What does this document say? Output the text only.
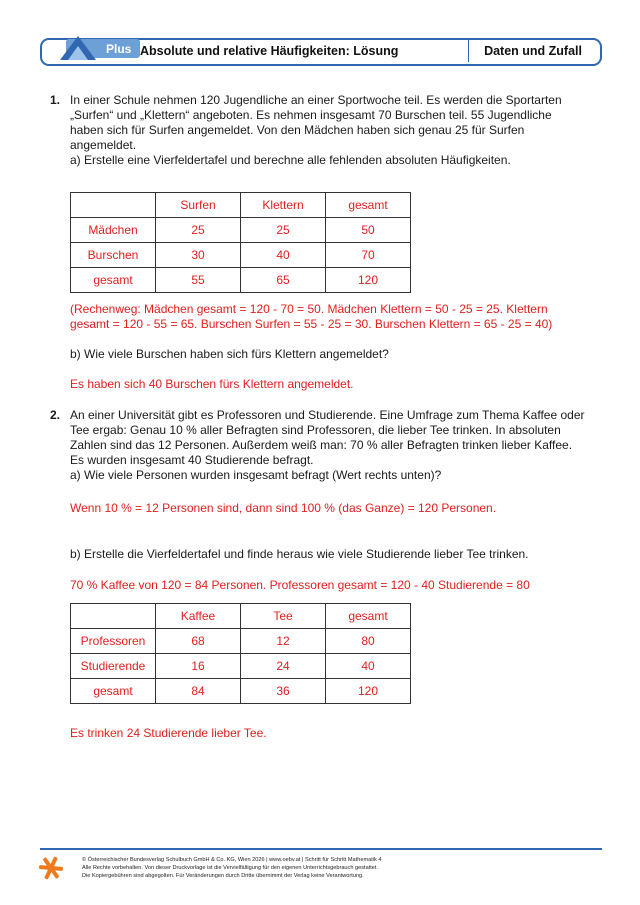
Plus Absolute und relative Häufigkeiten: Lösung	Daten und Zufall
1. In einer Schule nehmen 120 Jugendliche an einer Sportwoche teil. Es werden die Sportarten
„Surfen“ und „Klettern“ angeboten. Es nehmen insgesamt 70 Burschen teil. 55 Jugendliche
haben sich für Surfen angemeldet. Von den Mädchen haben sich genau 25 für Surfen
angemeldet.
a) Erstelle eine Vierfeldertafel und berechne alle fehlenden absoluten Häufigkeiten.
	Surfen	Klettern	gesamt
Mädchen	25	25	50
Burschen	30	40	70
gesamt	55	65	120
(Rechenweg: Mädchen gesamt = 120 - 70 = 50. Mädchen Klettern = 50 - 25 = 25. Klettern
gesamt = 120 - 55 = 65. Burschen Surfen = 55 - 25 = 30. Burschen Klettern = 65 - 25 = 40)
b) Wie viele Burschen haben sich fürs Klettern angemeldet?
Es haben sich 40 Burschen fürs Klettern angemeldet.
2. An einer Universität gibt es Professoren und Studierende. Eine Umfrage zum Thema Kaffee oder
Tee ergab: Genau 10 % aller Befragten sind Professoren, die lieber Tee trinken. In absoluten
Zahlen sind das 12 Personen. Außerdem weiß man: 70 % aller Befragten trinken lieber Kaffee.
Es wurden insgesamt 40 Studierende befragt.
a) Wie viele Personen wurden insgesamt befragt (Wert rechts unten)?
Wenn 10 % = 12 Personen sind, dann sind 100 % (das Ganze) = 120 Personen.
b) Erstelle die Vierfeldertafel und finde heraus wie viele Studierende lieber Tee trinken.
70 % Kaffee von 120 = 84 Personen. Professoren gesamt = 120 - 40 Studierende = 80
	Kaffee	Tee	gesamt
Professoren	68	12	80
Studierende	16	24	40
gesamt	84	36	120
Es trinken 24 Studierende lieber Tee.
© Österreichischer Bundesverlag Schulbuch GmbH & Co. KG, Wien 2026 | www.oebv.at | Schritt für Schritt Mathematik 4
Alle Rechte vorbehalten. Von dieser Druckvorlage ist die Vervielfältigung für den eigenen Unterrichtsgebrauch gestattet.
Die Kopiergebühren sind abgegolten. Für Veränderungen durch Dritte übernimmt der Verlag keine Verantwortung.
